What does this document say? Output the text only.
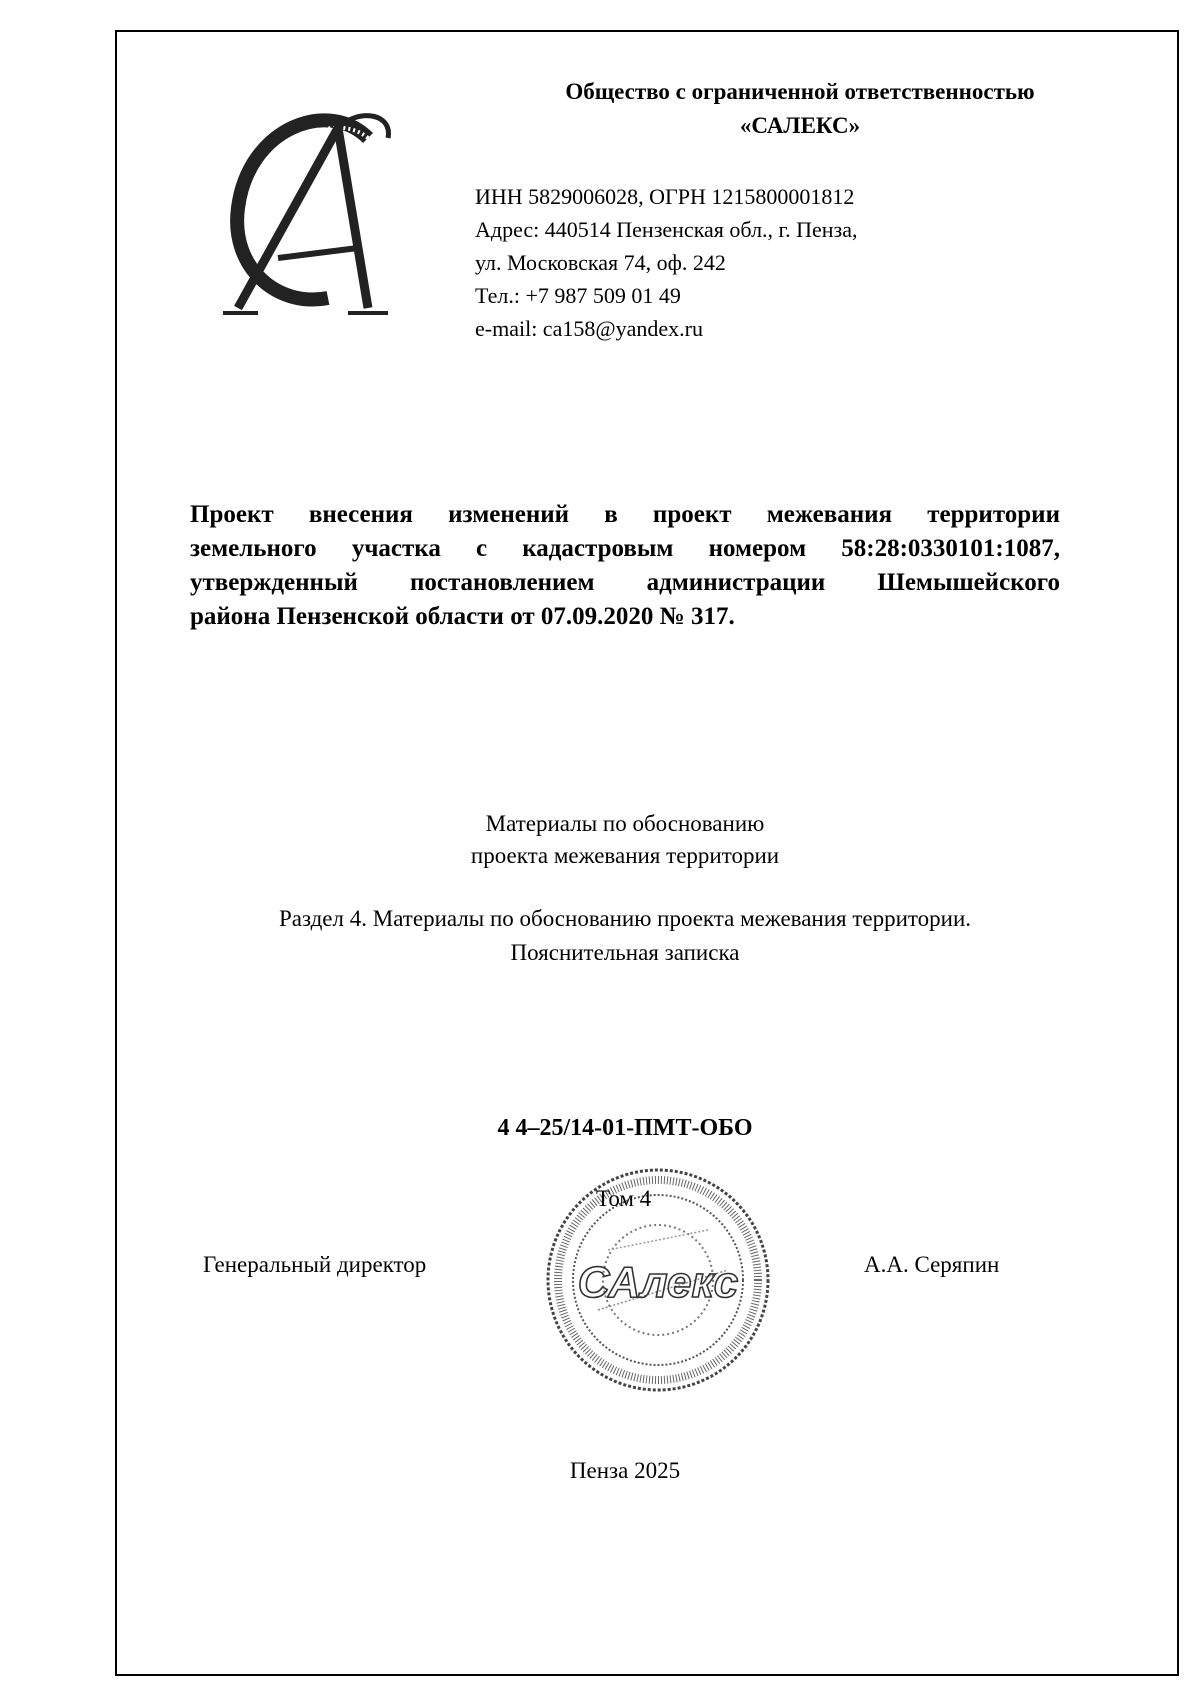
Общество с ограниченной ответственностью
«САЛЕКС»
ИНН 5829006028, ОГРН 1215800001812
Адрес: 440514 Пензенская обл., г. Пенза,
ул. Московская 74, оф. 242
Тел.: +7 987 509 01 49
e-mail: ca158@yandex.ru
Проект внесения изменений в проект межевания территории
земельного участка с кадастровым номером 58:28:0330101:1087,
утвержденный постановлением администрации Шемышейского
района Пензенской области от 07.09.2020 № 317.
Материалы по обоснованию
проекта межевания территории
Раздел 4. Материалы по обоснованию проекта межевания территории.
Пояснительная записка
4 4–25/14-01-ПМТ-ОБО
САлекс
Том 4
Генеральный директор	А.А. Серяпин
Пенза 2025
